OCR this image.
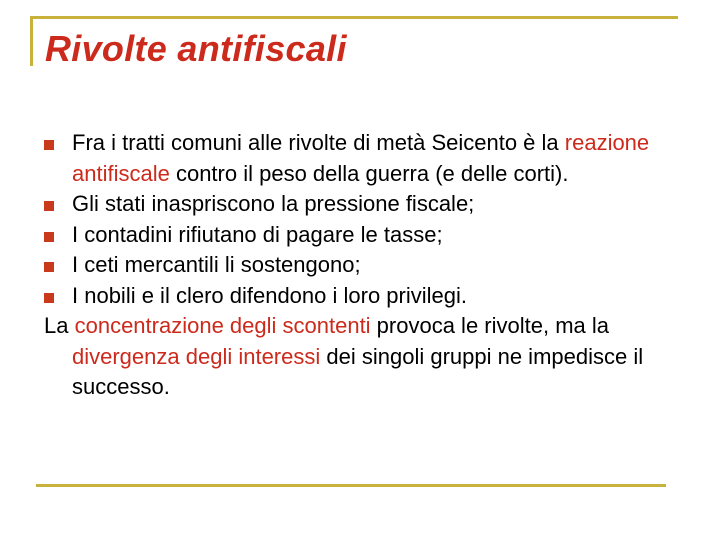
Rivolte antifiscali
Fra i tratti comuni alle rivolte di metà Seicento è la reazione antifiscale contro il peso della guerra (e delle corti).
Gli stati inaspriscono la pressione fiscale;
I contadini rifiutano di pagare le tasse;
I ceti mercantili li sostengono;
I nobili e il clero difendono i loro privilegi.
La concentrazione degli scontenti provoca le rivolte, ma la divergenza degli interessi dei singoli gruppi ne impedisce il successo.
